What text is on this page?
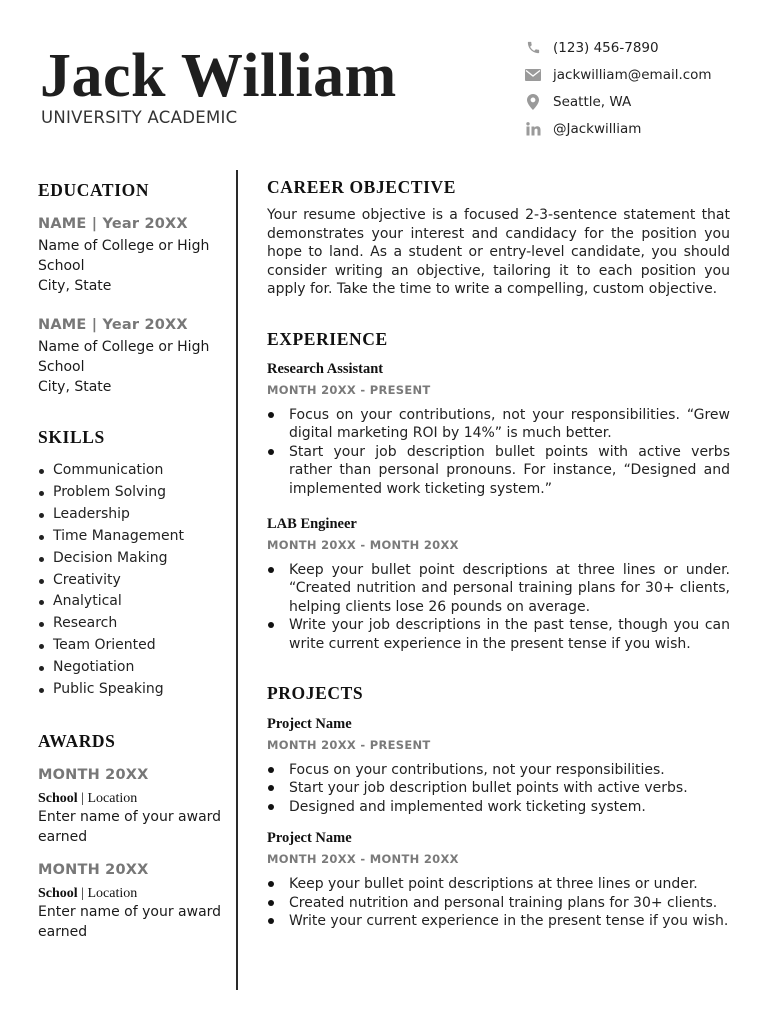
Jack William
UNIVERSITY ACADEMIC
(123) 456-7890
jackwilliam@email.com
Seattle, WA
@Jackwilliam
EDUCATION
NAME | Year 20XX
Name of College or High School
City, State
NAME | Year 20XX
Name of College or High School
City, State
SKILLS
Communication
Problem Solving
Leadership
Time Management
Decision Making
Creativity
Analytical
Research
Team Oriented
Negotiation
Public Speaking
AWARDS
MONTH 20XX
School | Location
Enter name of your award earned
MONTH 20XX
School | Location
Enter name of your award earned
CAREER OBJECTIVE
Your resume objective is a focused 2-3-sentence statement that demonstrates your interest and candidacy for the position you hope to land. As a student or entry-level candidate, you should consider writing an objective, tailoring it to each position you apply for. Take the time to write a compelling, custom objective.
EXPERIENCE
Research Assistant
MONTH 20XX - PRESENT
Focus on your contributions, not your responsibilities. “Grew digital marketing ROI by 14%” is much better.
Start your job description bullet points with active verbs rather than personal pronouns. For instance, “Designed and implemented work ticketing system.”
LAB Engineer
MONTH 20XX - MONTH 20XX
Keep your bullet point descriptions at three lines or under. “Created nutrition and personal training plans for 30+ clients, helping clients lose 26 pounds on average.
Write your job descriptions in the past tense, though you can write current experience in the present tense if you wish.
PROJECTS
Project Name
MONTH 20XX - PRESENT
Focus on your contributions, not your responsibilities.
Start your job description bullet points with active verbs.
Designed and implemented work ticketing system.
Project Name
MONTH 20XX - MONTH 20XX
Keep your bullet point descriptions at three lines or under.
Created nutrition and personal training plans for 30+ clients.
Write your current experience in the present tense if you wish.
